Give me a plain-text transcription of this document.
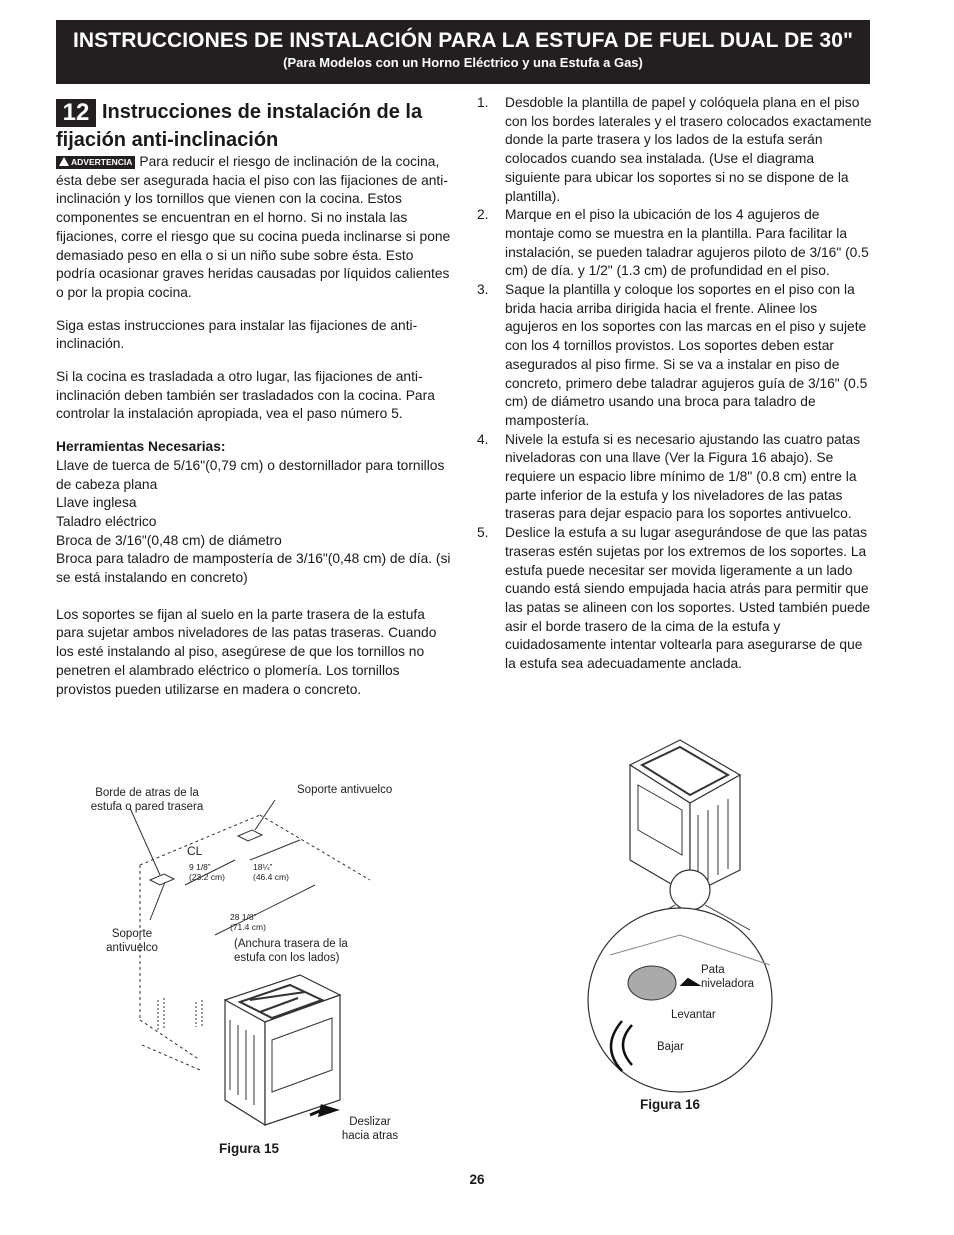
INSTRUCCIONES DE INSTALACIÓN PARA LA ESTUFA DE FUEL DUAL DE 30"
(Para Modelos con un Horno Eléctrico y una Estufa a Gas)
12 Instrucciones de instalación de la
fijación anti-inclinación

ADVERTENCIA Para reducir el riesgo de inclinación de la cocina, ésta debe ser asegurada hacia el piso con las fijaciones de anti-inclinación y los tornillos que vienen con la cocina. Estos componentes se encuentran en el horno. Si no instala las fijaciones, corre el riesgo que su cocina pueda inclinarse si pone demasiado peso en ella o si un niño sube sobre ésta. Esto podría ocasionar graves heridas causadas por líquidos calientes o por la propia cocina.

Siga estas instrucciones para instalar las fijaciones de anti-inclinación.

Si la cocina es trasladada a otro lugar, las fijaciones de anti-inclinación deben también ser trasladados con la cocina. Para controlar la instalación apropiada, vea el paso número 5.

Herramientas Necesarias:
Llave de tuerca de 5/16"(0,79 cm) o destornillador para tornillos de cabeza plana
Llave inglesa
Taladro eléctrico
Broca de 3/16"(0,48 cm) de diámetro
Broca para taladro de mampostería de 3/16"(0,48 cm) de día. (si se está instalando en concreto)

Los soportes se fijan al suelo en la parte trasera de la estufa para sujetar ambos niveladores de las patas traseras. Cuando los esté instalando al piso, asegúrese de que los tornillos no penetren el alambrado eléctrico o plomería. Los tornillos provistos pueden utilizarse en madera o concreto.

1.	Desdoble la plantilla de papel y colóquela plana en el piso con los bordes laterales y el trasero colocados exactamente donde la parte trasera y los lados de la estufa serán colocados cuando sea instalada. (Use el diagrama siguiente para ubicar los soportes si no se dispone de la plantilla).
2.	Marque en el piso la ubicación de los 4 agujeros de montaje como se muestra en la plantilla. Para facilitar la instalación, se pueden taladrar agujeros piloto de 3/16" (0.5 cm) de día. y 1/2" (1.3 cm) de profundidad en el piso.
3.	Saque la plantilla y coloque los soportes en el piso con la brida hacia arriba dirigida hacia el frente. Alinee los agujeros en los soportes con las marcas en el piso y sujete con los 4 tornillos provistos. Los soportes deben estar asegurados al piso firme. Si se va a instalar en piso de concreto, primero debe taladrar agujeros guía de 3/16" (0.5 cm) de diámetro usando una broca para taladro de mampostería.
4.	Nivele la estufa si es necesario ajustando las cuatro patas niveladoras con una llave (Ver la Figura 16 abajo). Se requiere un espacio libre mínimo de 1/8" (0.8 cm) entre la parte inferior de la estufa y los niveladores de las patas traseras para dejar espacio para los soportes antivuelco.
5.	Deslice la estufa a su lugar asegurándose de que las patas traseras estén sujetas por los extremos de los soportes. La estufa puede necesitar ser movida ligeramente a un lado cuando está siendo empujada hacia atrás para permitir que las patas se alineen con los soportes. Usted también puede asir el borde trasero de la cima de la estufa y cuidadosamente intentar voltearla para asegurarse de que la estufa sea adecuadamente anclada.
Borde de atras de la
estufa o pared trasera
Soporte antivuelco
CL
9 1/8”
(23.2 cm)
18¼”
(46.4 cm)
28 1/8”
(71.4 cm)
Soporte
antivuelco	(Anchura trasera de la
estufa con los lados)
Deslizar
hacia atras
Figura 15
Pata
niveladora
Levantar
Bajar
Figura 16
26
